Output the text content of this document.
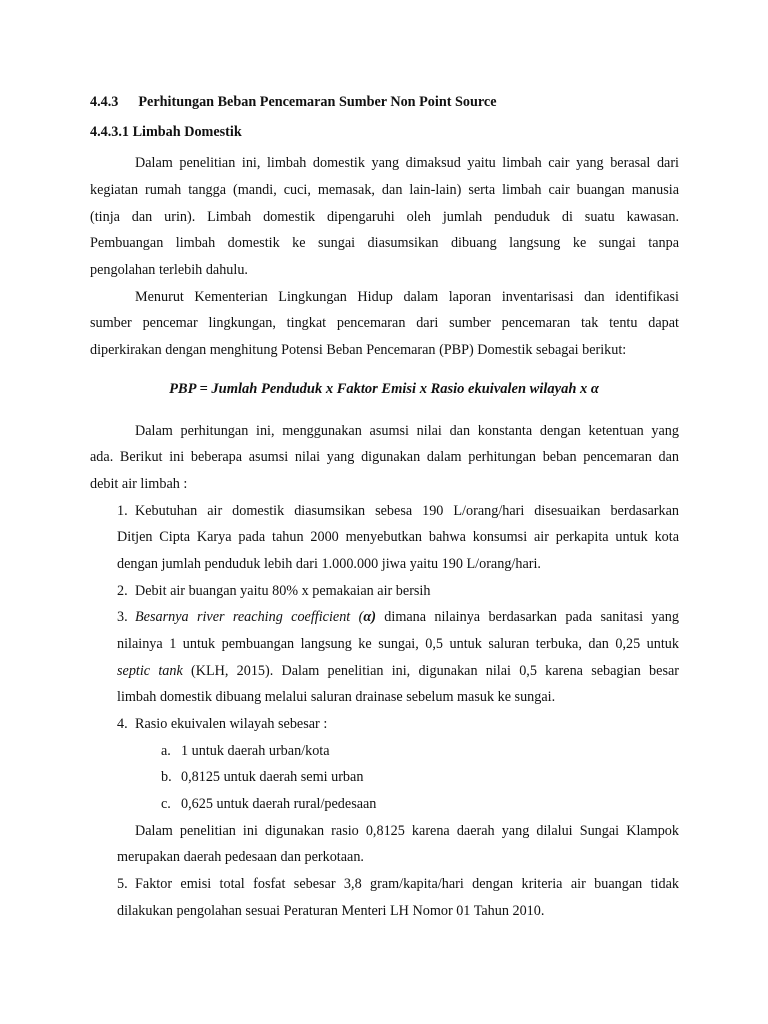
4.4.3 Perhitungan Beban Pencemaran Sumber Non Point Source
4.4.3.1 Limbah Domestik
Dalam penelitian ini, limbah domestik yang dimaksud yaitu limbah cair yang berasal dari
kegiatan rumah tangga (mandi, cuci, memasak, dan lain-lain) serta limbah cair buangan manusia
(tinja dan urin). Limbah domestik dipengaruhi oleh jumlah penduduk di suatu kawasan.
Pembuangan limbah domestik ke sungai diasumsikan dibuang langsung ke sungai tanpa
pengolahan terlebih dahulu.
Menurut Kementerian Lingkungan Hidup dalam laporan inventarisasi dan identifikasi
sumber pencemar lingkungan, tingkat pencemaran dari sumber pencemaran tak tentu dapat
diperkirakan dengan menghitung Potensi Beban Pencemaran (PBP) Domestik sebagai berikut:
PBP = Jumlah Penduduk x Faktor Emisi x Rasio ekuivalen wilayah x α
Dalam perhitungan ini, menggunakan asumsi nilai dan konstanta dengan ketentuan yang
ada. Berikut ini beberapa asumsi nilai yang digunakan dalam perhitungan beban pencemaran dan
debit air limbah :
1. Kebutuhan air domestik diasumsikan sebesa 190 L/orang/hari disesuaikan berdasarkan
Ditjen Cipta Karya pada tahun 2000 menyebutkan bahwa konsumsi air perkapita untuk kota
dengan jumlah penduduk lebih dari 1.000.000 jiwa yaitu 190 L/orang/hari.
2. Debit air buangan yaitu 80% x pemakaian air bersih
3. Besarnya river reaching coefficient (α) dimana nilainya berdasarkan pada sanitasi yang
nilainya 1 untuk pembuangan langsung ke sungai, 0,5 untuk saluran terbuka, dan 0,25 untuk
septic tank (KLH, 2015). Dalam penelitian ini, digunakan nilai 0,5 karena sebagian besar
limbah domestik dibuang melalui saluran drainase sebelum masuk ke sungai.
4. Rasio ekuivalen wilayah sebesar :
a. 1 untuk daerah urban/kota
b. 0,8125 untuk daerah semi urban
c. 0,625 untuk daerah rural/pedesaan
Dalam penelitian ini digunakan rasio 0,8125 karena daerah yang dilalui Sungai Klampok
merupakan daerah pedesaan dan perkotaan.
5. Faktor emisi total fosfat sebesar 3,8 gram/kapita/hari dengan kriteria air buangan tidak
dilakukan pengolahan sesuai Peraturan Menteri LH Nomor 01 Tahun 2010.
